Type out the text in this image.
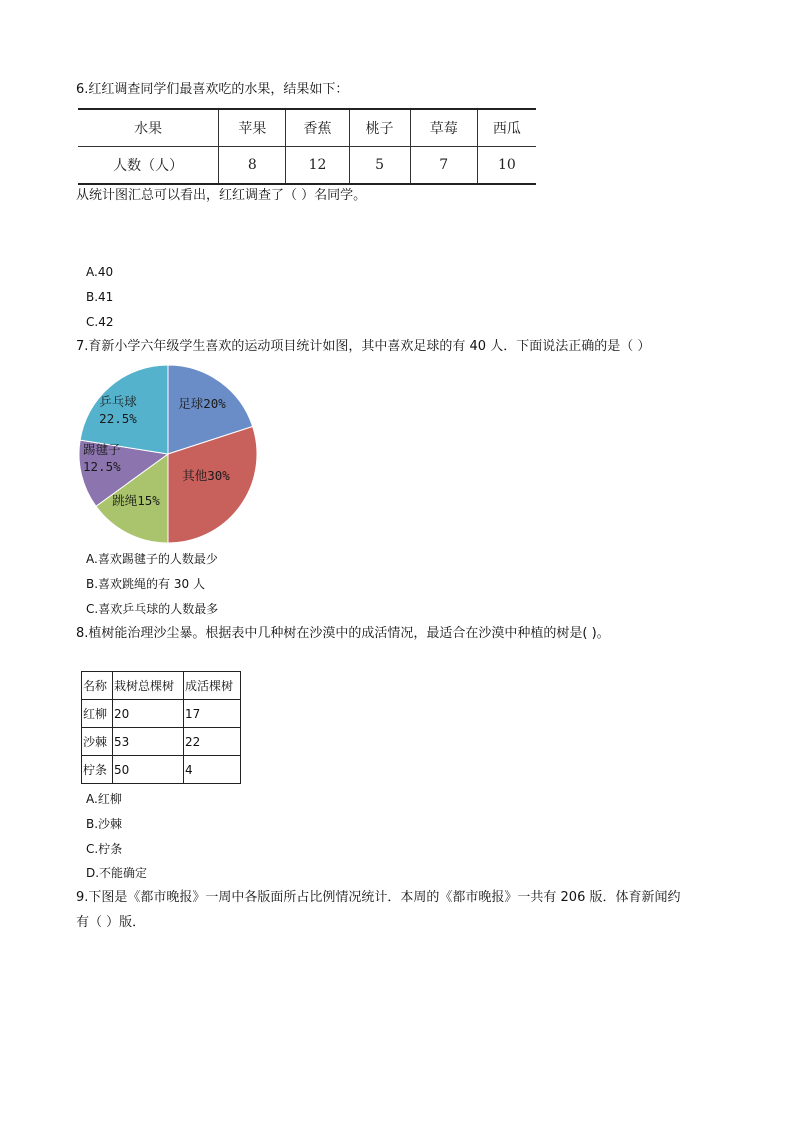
6.红红调查同学们最喜欢吃的水果，结果如下：
水果	苹果	香蕉	桃子	草莓	西瓜
人数（人）	8	12	5	7	10
从统计图汇总可以看出，红红调查了（ ）名同学。
A.40
B.41
C.42
7.育新小学六年级学生喜欢的运动项目统计如图，其中喜欢足球的有 40 人．下面说法正确的是（ ）
足球20%
其他30%
跳绳15%
踢毽子 12.5%
乒乓球 22.5%
A.喜欢踢毽子的人数最少
B.喜欢跳绳的有 30 人
C.喜欢乒乓球的人数最多
8.植树能治理沙尘暴。根据表中几种树在沙漠中的成活情况，最适合在沙漠中种植的树是( )。
名称	栽树总棵树	成活棵树
红柳	20	17
沙棘	53	22
柠条	50	4
A.红柳
B.沙棘
C.柠条
D.不能确定
9.下图是《都市晚报》一周中各版面所占比例情况统计．本周的《都市晚报》一共有 206 版．体育新闻约
有（ ）版．
